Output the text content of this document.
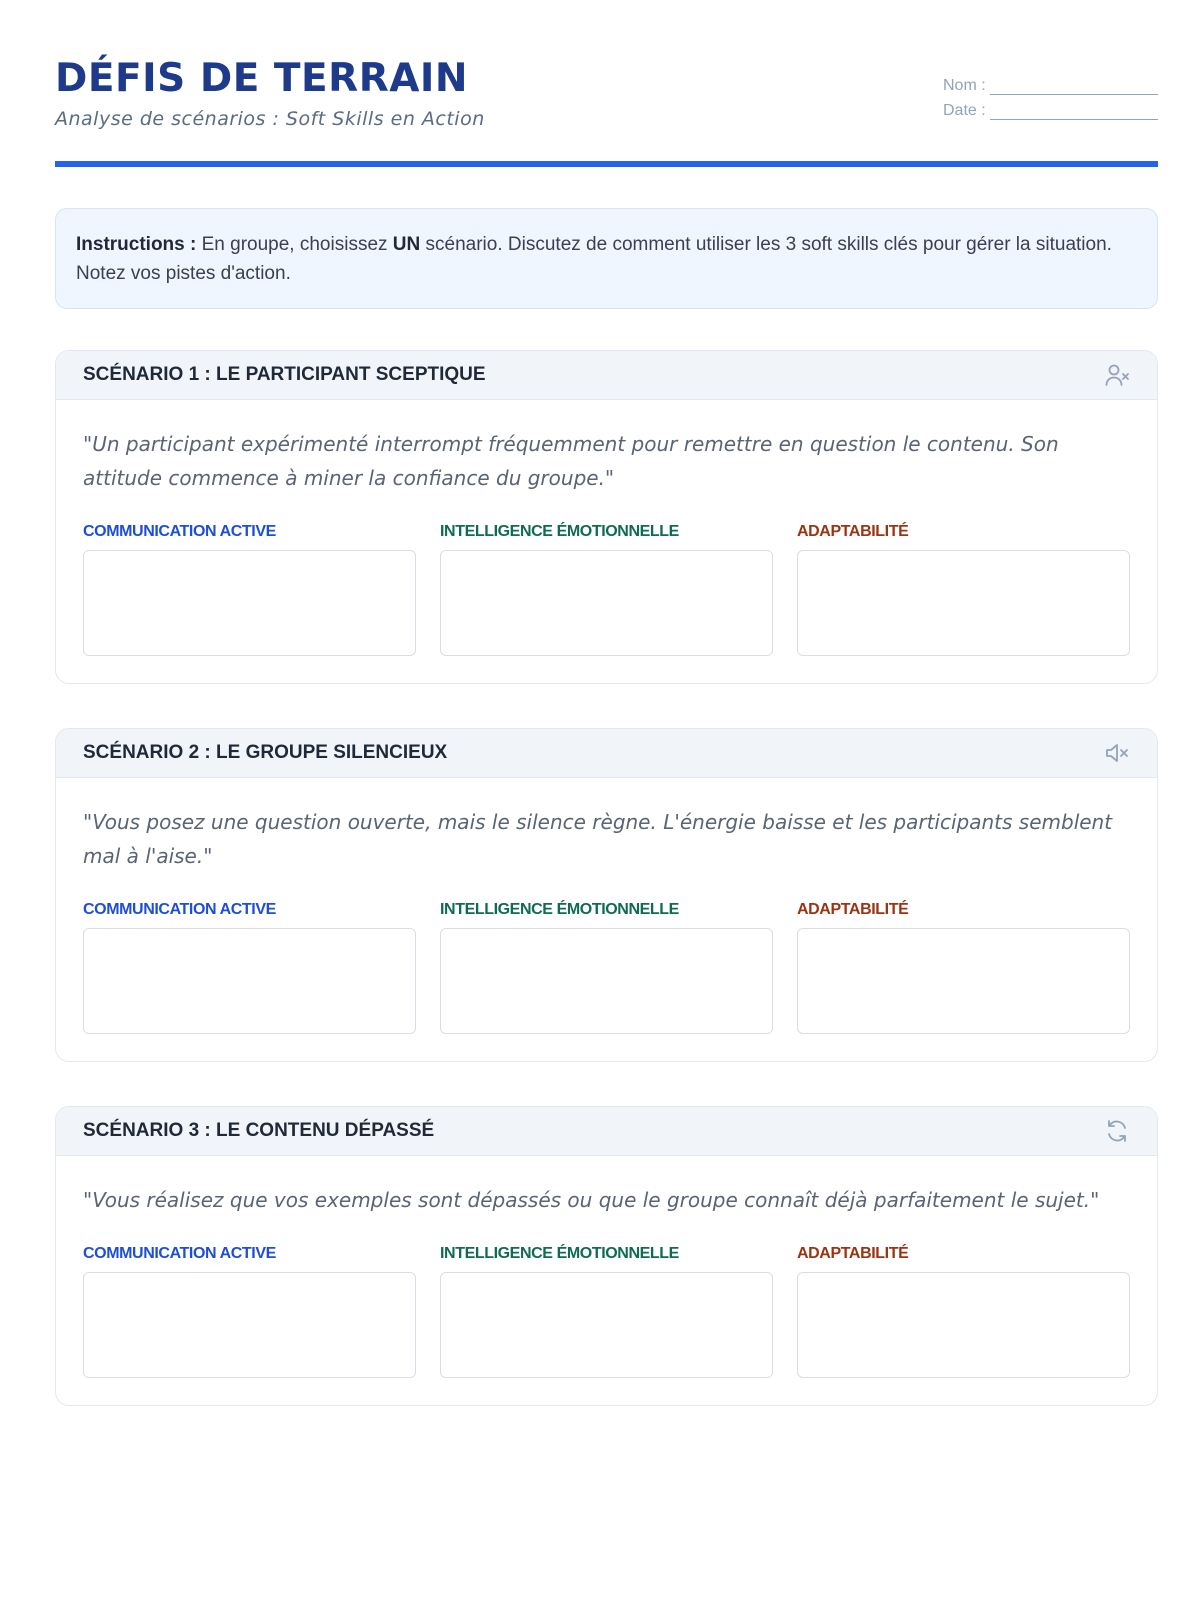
DÉFIS DE TERRAIN
Analyse de scénarios : Soft Skills en Action
Nom :
Date :
Instructions : En groupe, choisissez UN scénario. Discutez de comment utiliser les 3 soft skills clés pour gérer la situation. Notez vos pistes d'action.
SCÉNARIO 1 : LE PARTICIPANT SCEPTIQUE

"Un participant expérimenté interrompt fréquemment pour remettre en question le contenu. Son attitude commence à miner la confiance du groupe."

COMMUNICATION ACTIVE	INTELLIGENCE ÉMOTIONNELLE	ADAPTABILITÉ
SCÉNARIO 2 : LE GROUPE SILENCIEUX

"Vous posez une question ouverte, mais le silence règne. L'énergie baisse et les participants semblent mal à l'aise."

COMMUNICATION ACTIVE	INTELLIGENCE ÉMOTIONNELLE	ADAPTABILITÉ
SCÉNARIO 3 : LE CONTENU DÉPASSÉ

"Vous réalisez que vos exemples sont dépassés ou que le groupe connaît déjà parfaitement le sujet."

COMMUNICATION ACTIVE	INTELLIGENCE ÉMOTIONNELLE	ADAPTABILITÉ
